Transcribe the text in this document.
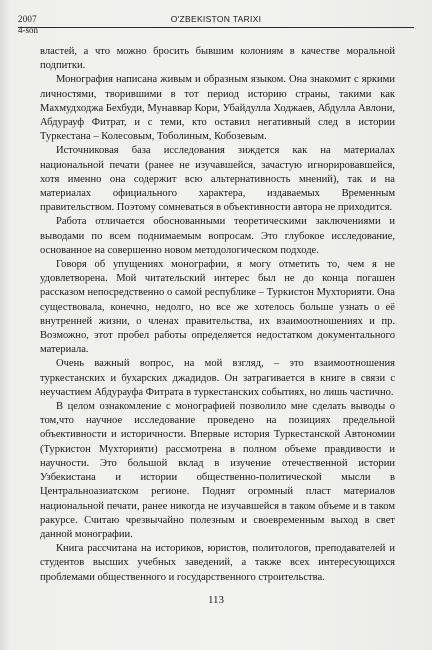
2007
4-son
O'ZBEKISTON TARIXI

властей, а что можно бросить бывшим колониям в качестве моральной подпитки.

Монография написана живым и образным языком. Она знакомит с яркими личностями, творившими в тот период историю страны, такими как Махмудходжа Бехбуди, Мунаввар Кори, Убайдулла Ходжаев, Абдулла Авлони, Абдурауф Фитрат, и с теми, кто оставил негативный след в истории Туркестана – Колесовым, Тоболиным, Кобозевым.

Источниковая база исследования зиждется как на материалах национальной печати (ранее не изучавшейся, зачастую игнорировавшейся, хотя именно она содержит всю альтернативность мнений), так и на материалах официального характера, издаваемых Временным правительством. Поэтому сомневаться в объективности автора не приходится.

Работа отличается обоснованными теоретическими заключениями и выводами по всем поднимаемым вопросам. Это глубокое исследование, основанное на совершенно новом методологическом подходе.

Говоря об упущениях монографии, я могу отметить то, чем я не удовлетворена. Мой читательский интерес был не до конца погашен рассказом непосредственно о самой республике – Туркистон Мухторияти. Она существовала, конечно, недолго, но все же хотелось больше узнать о её внутренней жизни, о членах правительства, их взаимоотношениях и пр. Возможно, этот пробел работы определяется недостатком документального материала.

Очень важный вопрос, на мой взгляд, – это взаимоотношения туркестанских и бухарских джадидов. Он затрагивается в книге в связи с неучастием Абдурауфа Фитрата в туркестанских событиях, но лишь частично.

В целом ознакомление с монографией позволило мне сделать выводы о том,что научное исследование проведено на позициях предельной объективности и историчности. Впервые история Туркестанской Автономии (Туркистон Мухторияти) рассмотрена в полном объеме правдивости и научности. Это большой вклад в изучение отечественной истории Узбекистана и истории общественно-политической мысли в Центральноазиатском регионе. Поднят огромный пласт материалов национальной печати, ранее никогда не изучавшейся в таком объеме и в таком ракурсе. Считаю чрезвычайно полезным и своевременным выход в свет данной монографии.

Книга рассчитана на историков, юристов, политологов, преподавателей и студентов высших учебных заведений, а также всех интересующихся проблемами общественного и государственного строительства.

113
